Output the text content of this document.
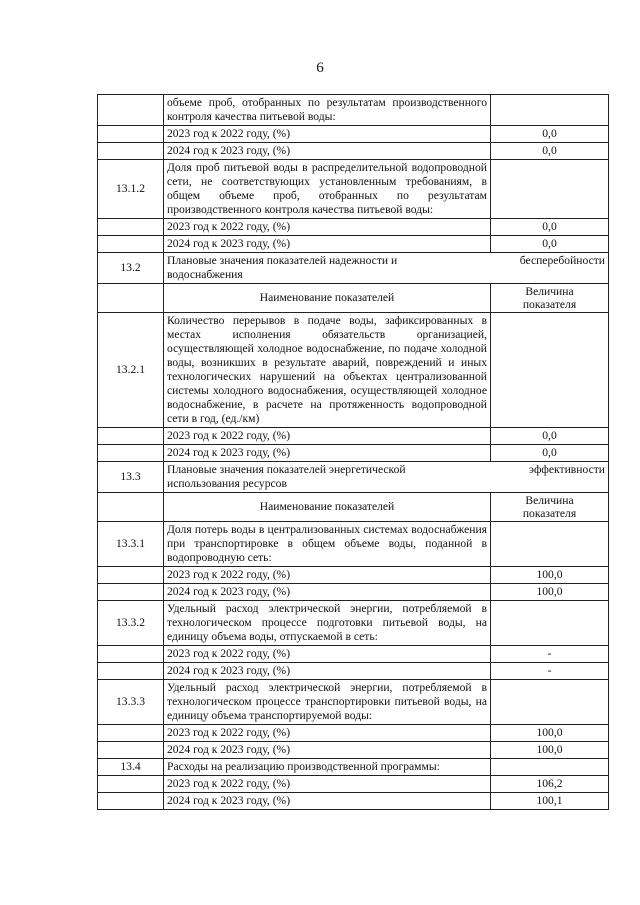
6
	объеме проб, отобранных по результатам производственного контроля качества питьевой воды:	
	2023 год к 2022 году, (%)	0,0
	2024 год к 2023 году, (%)	0,0
13.1.2	Доля проб питьевой воды в распределительной водопроводной сети, не соответствующих установленным требованиям, в общем объеме проб, отобранных по результатам производственного контроля качества питьевой воды:	
	2023 год к 2022 году, (%)	0,0
	2024 год к 2023 году, (%)	0,0
13.2	Плановые значения показателей надежности и бесперебойности
водоснабжения	
	Наименование показателей	Величина
показателя
13.2.1	Количество перерывов в подаче воды, зафиксированных в местах исполнения обязательств организацией, осуществляющей холодное водоснабжение, по подаче холодной воды, возникших в результате аварий, повреждений и иных технологических нарушений на объектах централизованной системы холодного водоснабжения, осуществляющей холодное водоснабжение, в расчете на протяженность водопроводной сети в год, (ед./км)	
	2023 год к 2022 году, (%)	0,0
	2024 год к 2023 году, (%)	0,0
13.3	Плановые значения показателей энергетической эффективности
использования ресурсов	
	Наименование показателей	Величина
показателя
13.3.1	Доля потерь воды в централизованных системах водоснабжения при транспортировке в общем объеме воды, поданной в водопроводную сеть:	
	2023 год к 2022 году, (%)	100,0
	2024 год к 2023 году, (%)	100,0
13.3.2	Удельный расход электрической энергии, потребляемой в технологическом процессе подготовки питьевой воды, на единицу объема воды, отпускаемой в сеть:	
	2023 год к 2022 году, (%)	-
	2024 год к 2023 году, (%)	-
13.3.3	Удельный расход электрической энергии, потребляемой в технологическом процессе транспортировки питьевой воды, на единицу объема транспортируемой воды:	
	2023 год к 2022 году, (%)	100,0
	2024 год к 2023 году, (%)	100,0
13.4	Расходы на реализацию производственной программы:	
	2023 год к 2022 году, (%)	106,2
	2024 год к 2023 году, (%)	100,1
